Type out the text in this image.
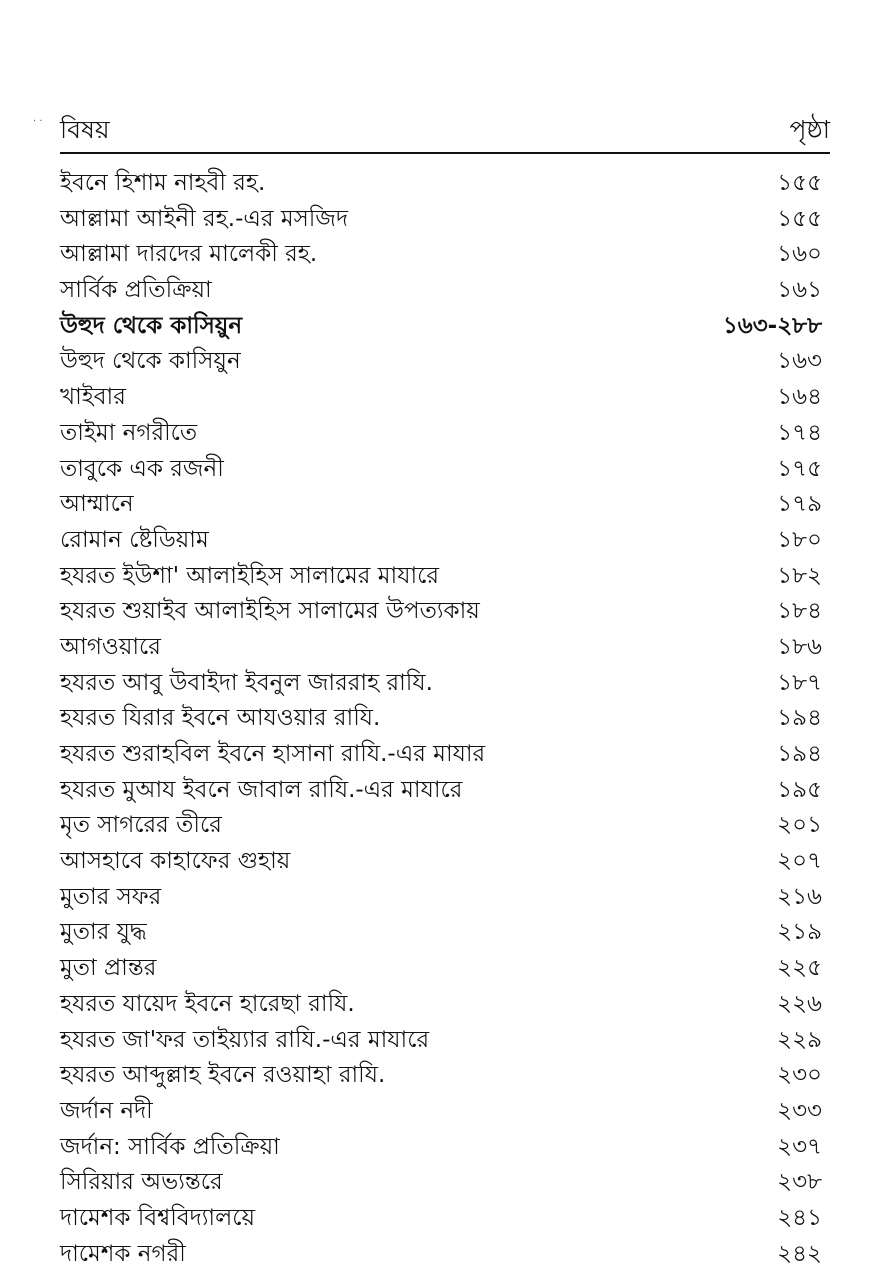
· · বিষয়	পৃষ্ঠা
ইবনে হিশাম নাহবী রহ.	১৫৫
আল্লামা আইনী রহ.-এর মসজিদ	১৫৫
আল্লামা দারদের মালেকী রহ.	১৬০
সার্বিক প্রতিক্রিয়া	১৬১
উহুদ থেকে কাসিয়ুন	১৬৩-২৮৮
উহুদ থেকে কাসিয়ুন	১৬৩
খাইবার	১৬৪
তাইমা নগরীতে	১৭৪
তাবুকে এক রজনী	১৭৫
আম্মানে	১৭৯
রোমান ষ্টেডিয়াম	১৮০
হযরত ইউশা' আলাইহিস সালামের মাযারে	১৮২
হযরত শুয়াইব আলাইহিস সালামের উপত্যকায়	১৮৪
আগওয়ারে	১৮৬
হযরত আবু উবাইদা ইবনুল জাররাহ রাযি.	১৮৭
হযরত যিরার ইবনে আযওয়ার রাযি.	১৯৪
হযরত শুরাহবিল ইবনে হাসানা রাযি.-এর মাযার	১৯৪
হযরত মুআয ইবনে জাবাল রাযি.-এর মাযারে	১৯৫
মৃত সাগরের তীরে	২০১
আসহাবে কাহাফের গুহায়	২০৭
মুতার সফর	২১৬
মুতার যুদ্ধ	২১৯
মুতা প্রান্তর	২২৫
হযরত যায়েদ ইবনে হারেছা রাযি.	২২৬
হযরত জা'ফর তাইয়্যার রাযি.-এর মাযারে	২২৯
হযরত আব্দুল্লাহ ইবনে রওয়াহা রাযি.	২৩০
জর্দান নদী	২৩৩
জর্দান: সার্বিক প্রতিক্রিয়া	২৩৭
সিরিয়ার অভ্যন্তরে	২৩৮
দামেশক বিশ্ববিদ্যালয়ে	২৪১
দামেশক নগরী	২৪২
